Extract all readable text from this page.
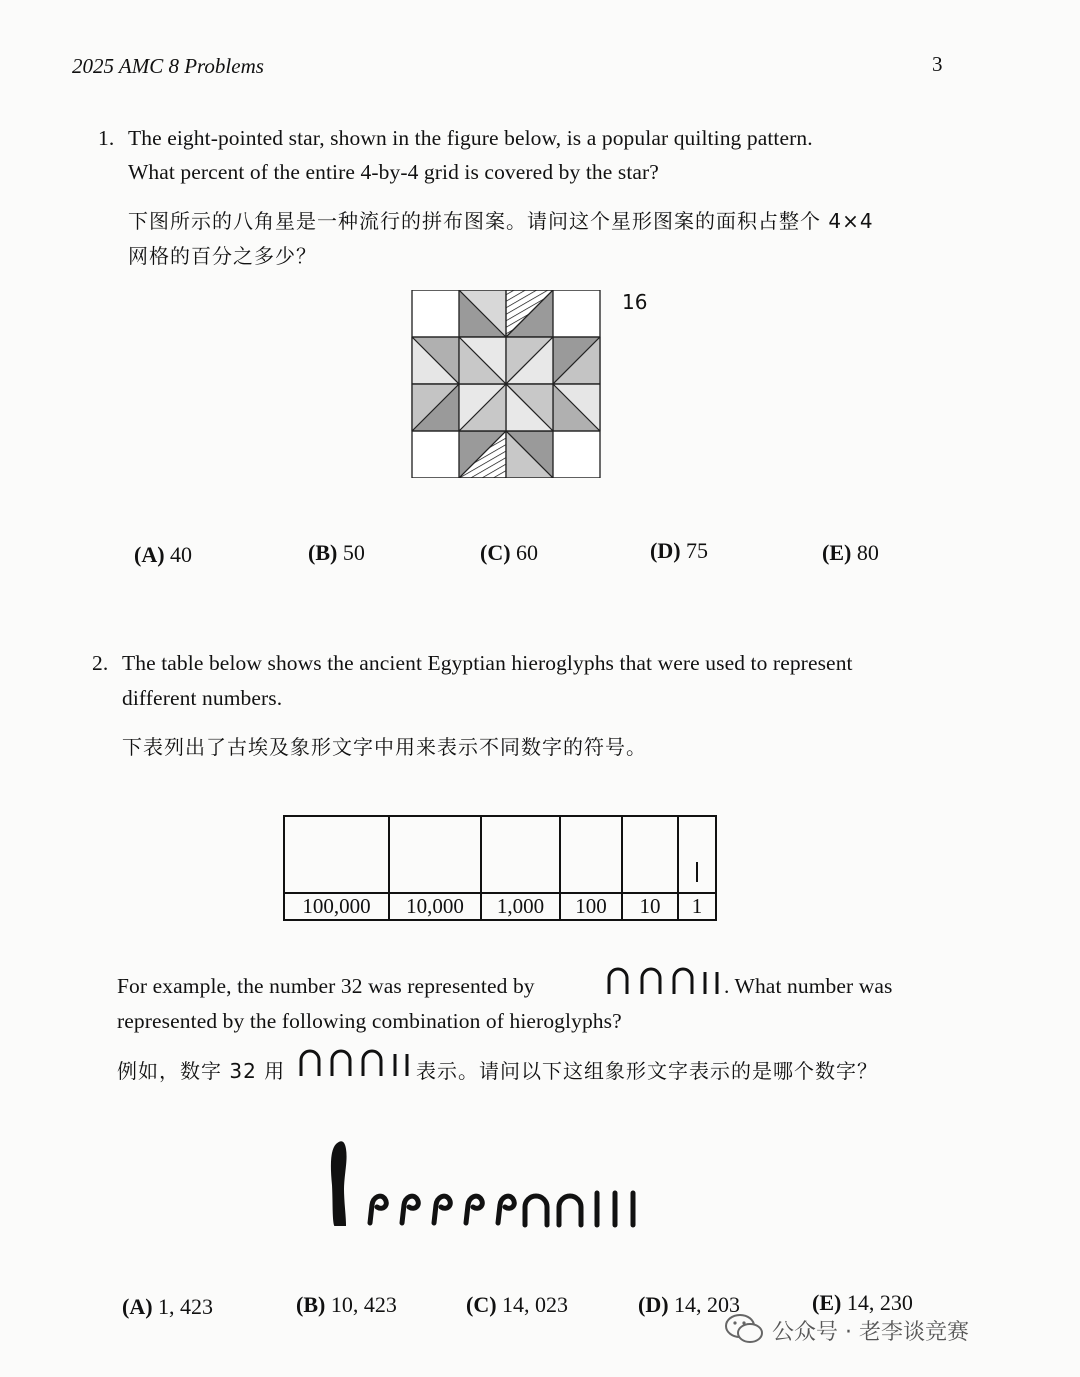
2025 AMC 8 Problems	3
1. The eight-pointed star, shown in the figure below, is a popular quilting pattern.
What percent of the entire 4-by-4 grid is covered by the star?
下图所示的八角星是一种流行的拼布图案。请问这个星形图案的面积占整个 4×4
网格的百分之多少？
16
(A) 40	(B) 50	(C) 60	(D) 75	(E) 80
2. The table below shows the ancient Egyptian hieroglyphs that were used to represent
different numbers.
下表列出了古埃及象形文字中用来表示不同数字的符号。

100,000	10,000	1,000	100	10	1
For example, the number 32 was represented by	. What number was
represented by the following combination of hieroglyphs?
例如，数字 32 用	表示。请问以下这组象形文字表示的是哪个数字？
(A) 1, 423	(B) 10, 423	(C) 14, 023	(D) 14, 203	(E) 14, 230
公众号 · 老李谈竞赛
